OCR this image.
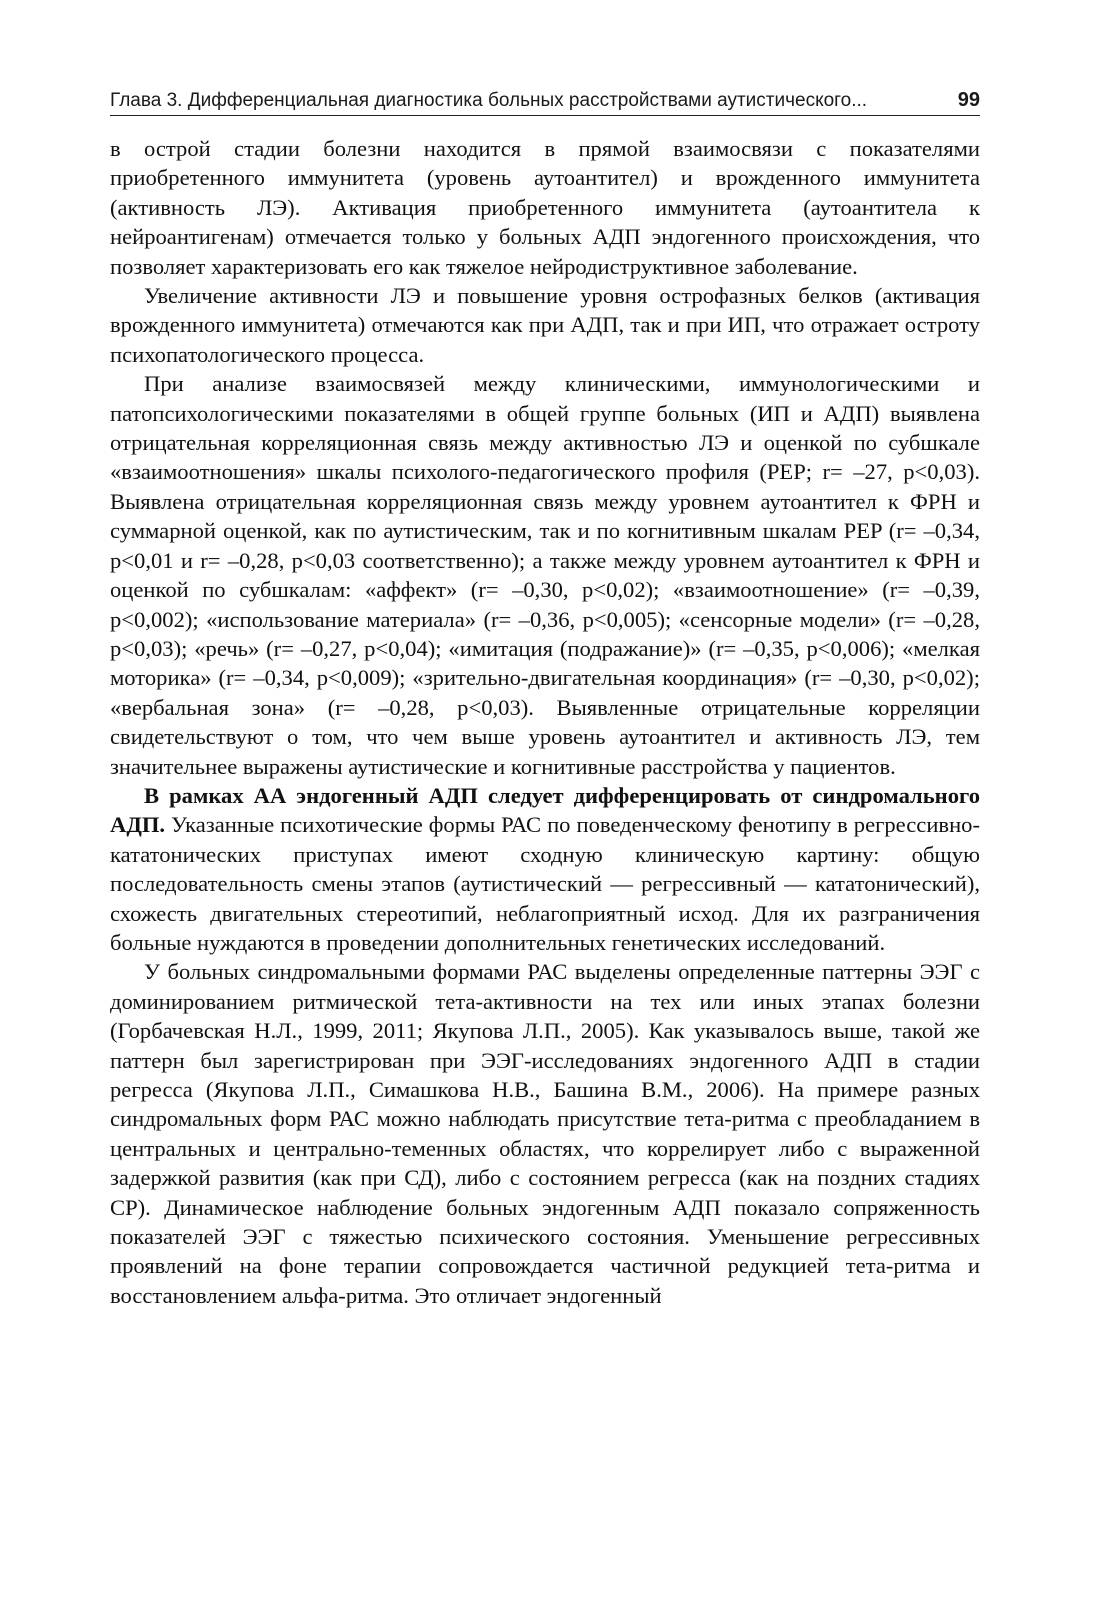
Глава 3. Дифференциальная диагностика больных расстройствами аутистического...	99

в острой стадии болезни находится в прямой взаимосвязи с показателями приобретенного иммунитета (уровень аутоантител) и врожденного иммунитета (активность ЛЭ). Активация приобретенного иммунитета (аутоантитела к нейроантигенам) отмечается только у больных АДП эндогенного происхождения, что позволяет характеризовать его как тяжелое нейродиструктивное заболевание.

Увеличение активности ЛЭ и повышение уровня острофазных белков (активация врожденного иммунитета) отмечаются как при АДП, так и при ИП, что отражает остроту психопатологического процесса.

При анализе взаимосвязей между клиническими, иммунологическими и патопсихологическими показателями в общей группе больных (ИП и АДП) выявлена отрицательная корреляционная связь между активностью ЛЭ и оценкой по субшкале «взаимоотношения» шкалы психолого-педагогического профиля (PEP; r= –27, p<0,03). Выявлена отрицательная корреляционная связь между уровнем аутоантител к ФРН и суммарной оценкой, как по аутистическим, так и по когнитивным шкалам PEP (r= –0,34, p<0,01 и r= –0,28, p<0,03 соответственно); а также между уровнем аутоантител к ФРН и оценкой по субшкалам: «аффект» (r= –0,30, p<0,02); «взаимоотношение» (r= –0,39, p<0,002); «использование материала» (r= –0,36, p<0,005); «сенсорные модели» (r= –0,28, p<0,03); «речь» (r= –0,27, p<0,04); «имитация (подражание)» (r= –0,35, p<0,006); «мелкая моторика» (r= –0,34, p<0,009); «зрительно-двигательная координация» (r= –0,30, p<0,02); «вербальная зона» (r= –0,28, p<0,03). Выявленные отрицательные корреляции свидетельствуют о том, что чем выше уровень аутоантител и активность ЛЭ, тем значительнее выражены аутистические и когнитивные расстройства у пациентов.

В рамках АА эндогенный АДП следует дифференцировать от синдромального АДП. Указанные психотические формы РАС по поведенческому фенотипу в регрессивно-кататонических приступах имеют сходную клиническую картину: общую последовательность смены этапов (аутистический — регрессивный — кататонический), схожесть двигательных стереотипий, неблагоприятный исход. Для их разграничения больные нуждаются в проведении дополнительных генетических исследований.

У больных синдромальными формами РАС выделены определенные паттерны ЭЭГ с доминированием ритмической тета-активности на тех или иных этапах болезни (Горбачевская Н.Л., 1999, 2011; Якупова Л.П., 2005). Как указывалось выше, такой же паттерн был зарегистрирован при ЭЭГ-исследованиях эндогенного АДП в стадии регресса (Якупова Л.П., Симашкова Н.В., Башина В.М., 2006). На примере разных синдромальных форм РАС можно наблюдать присутствие тета-ритма с преобладанием в центральных и центрально-теменных областях, что коррелирует либо с выраженной задержкой развития (как при СД), либо с состоянием регресса (как на поздних стадиях СР). Динамическое наблюдение больных эндогенным АДП показало сопряженность показателей ЭЭГ с тяжестью психического состояния. Уменьшение регрессивных проявлений на фоне терапии сопровождается частичной редукцией тета-ритма и восстановлением альфа-ритма. Это отличает эндогенный
